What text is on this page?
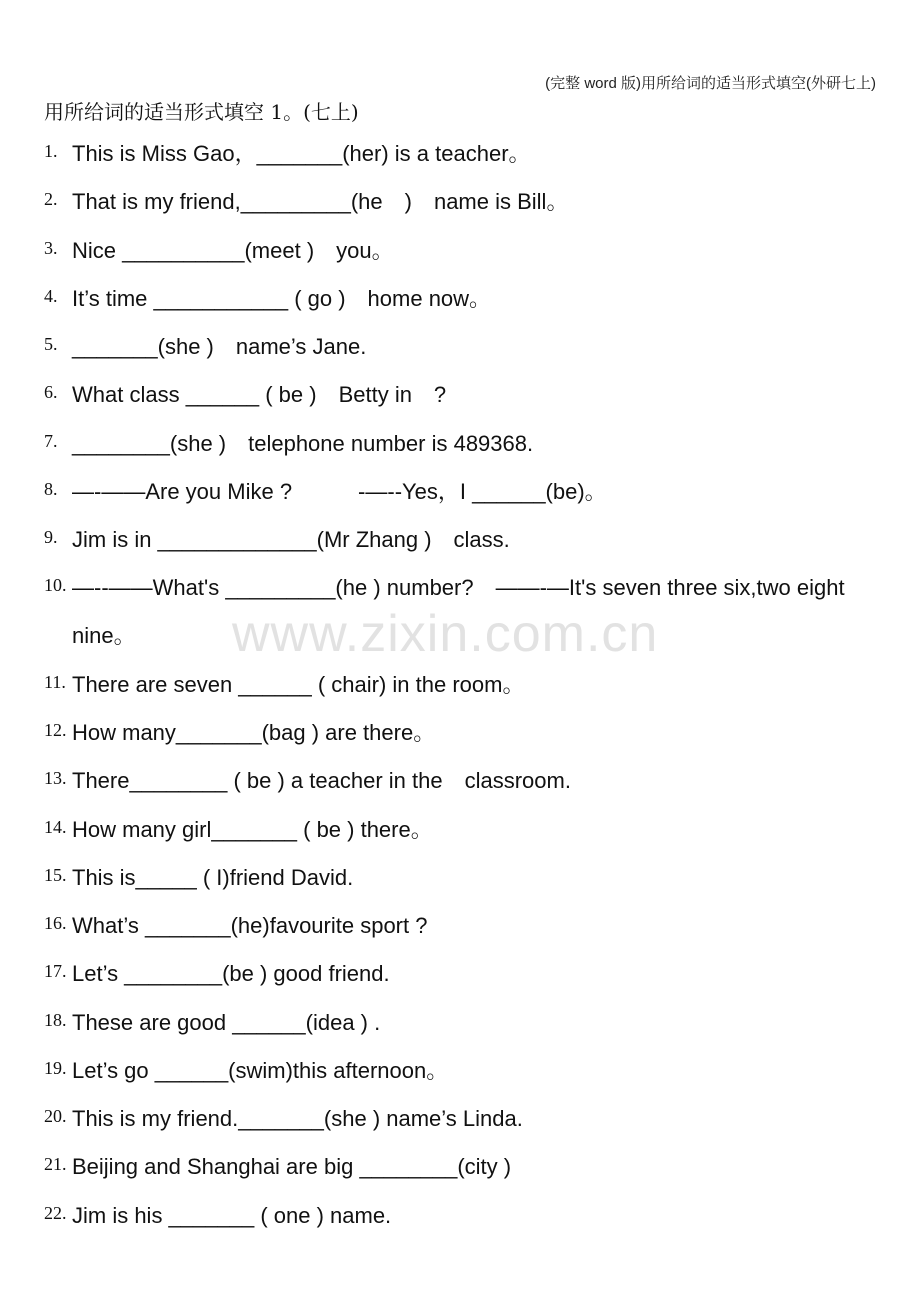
(完整 word 版)用所给词的适当形式填空(外研七上)
用所给词的适当形式填空 1。(七上)
www.zixin.com.cn
1. This is Miss Gao，_______(her) is a teacher。
2. That is my friend,_________(he　)　name is Bill。
3. Nice __________(meet )　you。
4. It’s time ___________ ( go )　home now。
5. _______(she )　name’s Jane.
6. What class ______ ( be )　Betty in　?
7. ________(she )　telephone number is 489368.
8. —-——Are you Mike ?　　　-—--Yes，I ______(be)。
9. Jim is in _____________(Mr Zhang )　class.
10. —--——What's _________(he ) number?　——-—It's seven three six,two eight nine。
11. There are seven ______ ( chair) in the room。
12. How many_______(bag ) are there。
13. There________ ( be ) a teacher in the　classroom.
14. How many girl_______ ( be ) there。
15. This is_____ ( I)friend David.
16. What’s _______(he)favourite sport ?
17. Let’s ________(be ) good friend.
18. These are good ______(idea ) .
19. Let’s go ______(swim)this afternoon。
20. This is my friend._______(she ) name’s Linda.
21. Beijing and Shanghai are big ________(city )
22. Jim is his _______ ( one ) name.
